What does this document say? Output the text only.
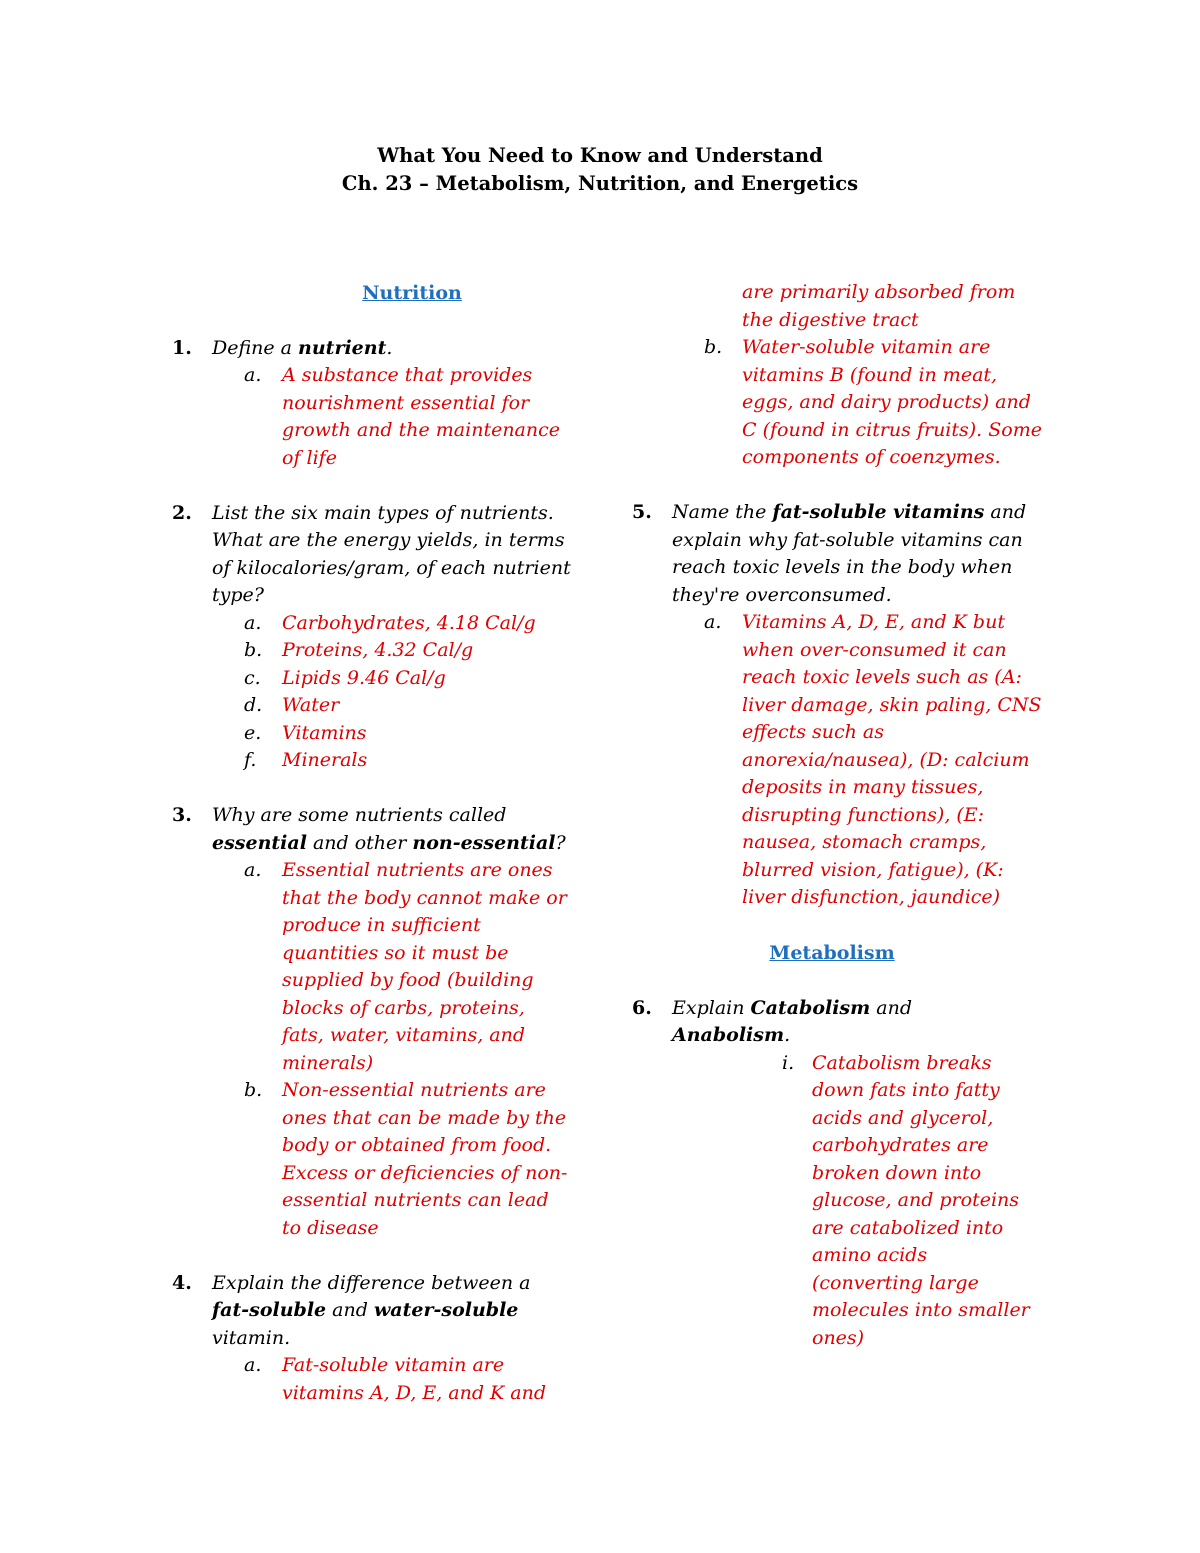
What You Need to Know and Understand
Ch. 23 – Metabolism, Nutrition, and Energetics
Nutrition
1. Define a nutrient.
a. A substance that provides nourishment essential for growth and the maintenance of life
2. List the six main types of nutrients. What are the energy yields, in terms of kilocalories/gram, of each nutrient type?
a. Carbohydrates, 4.18 Cal/g
b. Proteins, 4.32 Cal/g
c. Lipids 9.46 Cal/g
d. Water
e. Vitamins
f. Minerals
3. Why are some nutrients called essential and other non-essential?
a. Essential nutrients are ones that the body cannot make or produce in sufficient quantities so it must be supplied by food (building blocks of carbs, proteins, fats, water, vitamins, and minerals)
b. Non-essential nutrients are ones that can be made by the body or obtained from food. Excess or deficiencies of non-essential nutrients can lead to disease
4. Explain the difference between a fat-soluble and water-soluble vitamin.
a. Fat-soluble vitamin are vitamins A, D, E, and K and
are primarily absorbed from the digestive tract
b. Water-soluble vitamin are vitamins B (found in meat, eggs, and dairy products) and C (found in citrus fruits). Some components of coenzymes.
5. Name the fat-soluble vitamins and explain why fat-soluble vitamins can reach toxic levels in the body when they're overconsumed.
a. Vitamins A, D, E, and K but when over-consumed it can reach toxic levels such as (A: liver damage, skin paling, CNS effects such as anorexia/nausea), (D: calcium deposits in many tissues, disrupting functions), (E: nausea, stomach cramps, blurred vision, fatigue), (K: liver disfunction, jaundice)
Metabolism
6. Explain Catabolism and Anabolism.
i. Catabolism breaks down fats into fatty acids and glycerol, carbohydrates are broken down into glucose, and proteins are catabolized into amino acids (converting large molecules into smaller ones)
